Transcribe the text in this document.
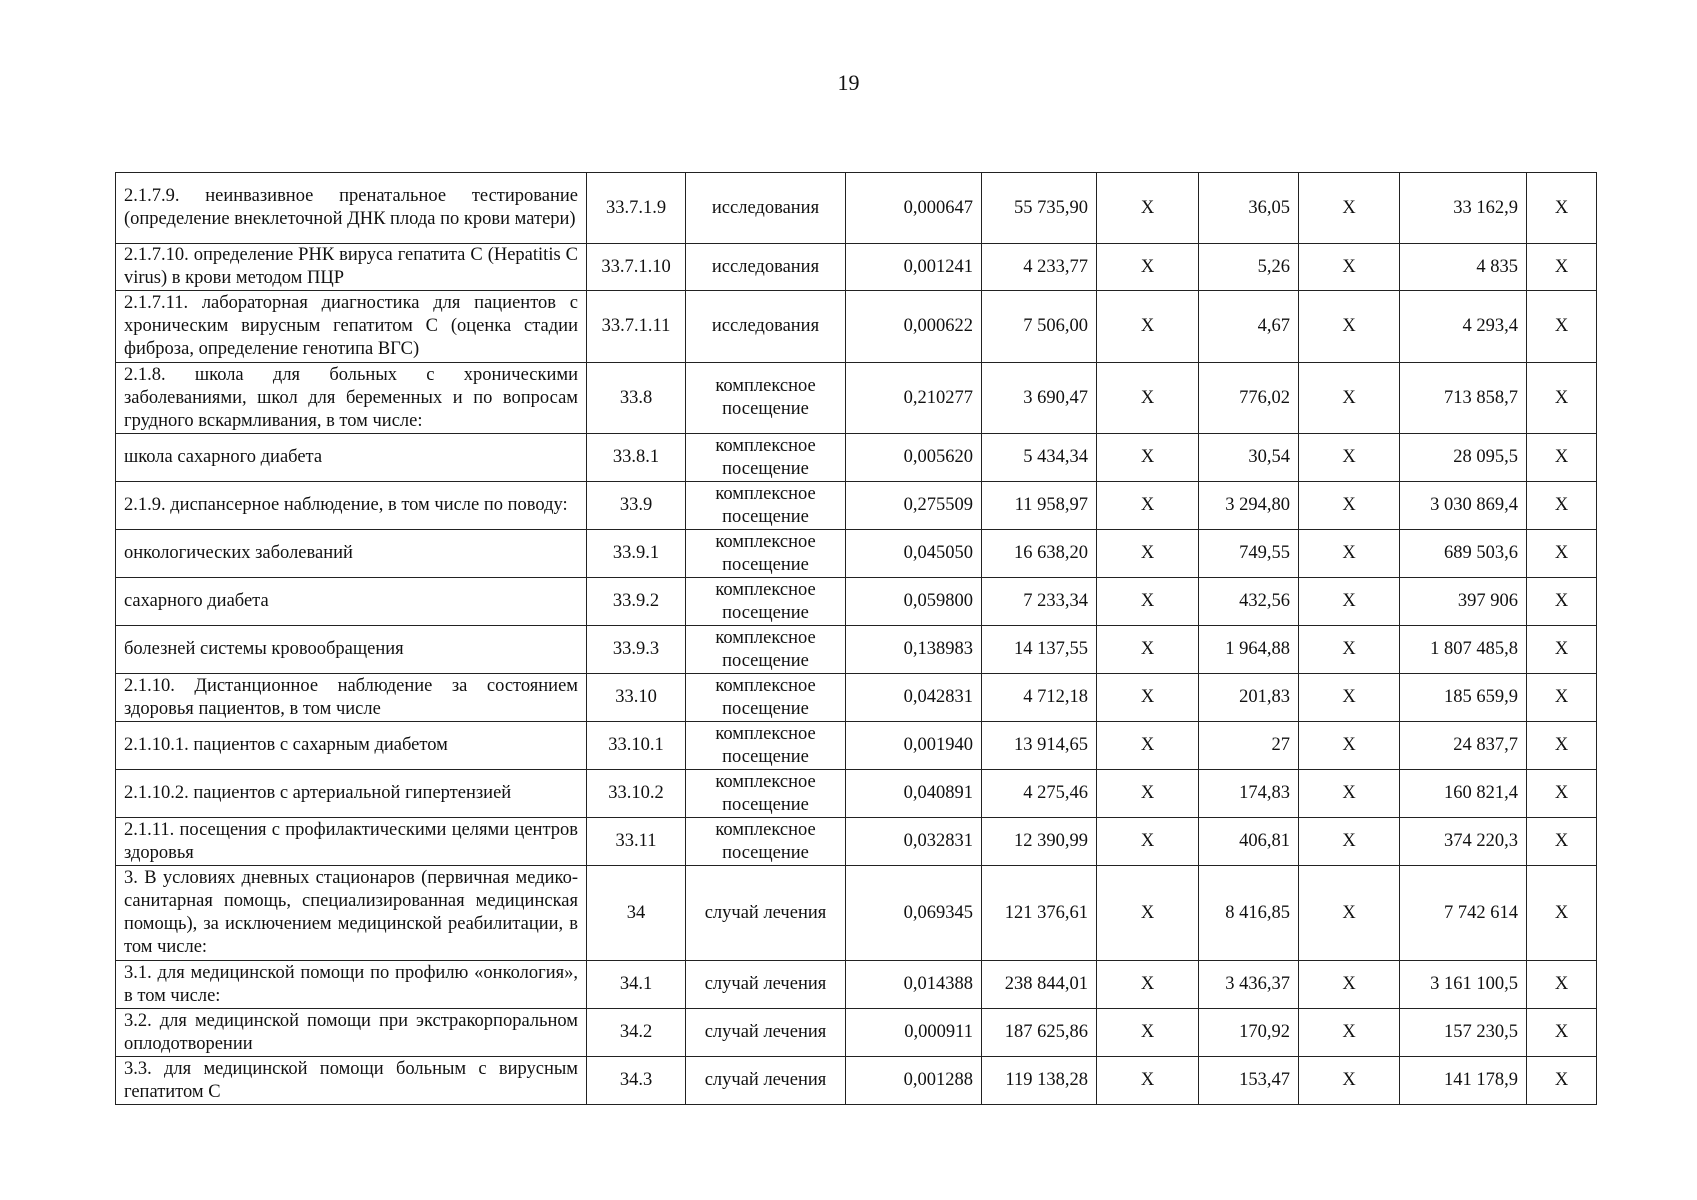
19
2.1.7.9. неинвазивное пренатальное тестирование (определение внеклеточной ДНК плода по крови матери)	33.7.1.9	исследования	0,000647	55 735,90	X	36,05	X	33 162,9	X
2.1.7.10. определение РНК вируса гепатита С (Hepatitis C virus) в крови методом ПЦР	33.7.1.10	исследования	0,001241	4 233,77	X	5,26	X	4 835	X
2.1.7.11. лабораторная диагностика для пациентов с хроническим вирусным гепатитом С (оценка стадии фиброза, определение генотипа ВГС)	33.7.1.11	исследования	0,000622	7 506,00	X	4,67	X	4 293,4	X
2.1.8. школа для больных с хроническими заболеваниями, школ для беременных и по вопросам грудного вскармливания, в том числе:	33.8	комплексное посещение	0,210277	3 690,47	X	776,02	X	713 858,7	X
школа сахарного диабета	33.8.1	комплексное посещение	0,005620	5 434,34	X	30,54	X	28 095,5	X
2.1.9. диспансерное наблюдение, в том числе по поводу:	33.9	комплексное посещение	0,275509	11 958,97	X	3 294,80	X	3 030 869,4	X
онкологических заболеваний	33.9.1	комплексное посещение	0,045050	16 638,20	X	749,55	X	689 503,6	X
сахарного диабета	33.9.2	комплексное посещение	0,059800	7 233,34	X	432,56	X	397 906	X
болезней системы кровообращения	33.9.3	комплексное посещение	0,138983	14 137,55	X	1 964,88	X	1 807 485,8	X
2.1.10. Дистанционное наблюдение за состоянием здоровья пациентов, в том числе	33.10	комплексное посещение	0,042831	4 712,18	X	201,83	X	185 659,9	X
2.1.10.1. пациентов с сахарным диабетом	33.10.1	комплексное посещение	0,001940	13 914,65	X	27	X	24 837,7	X
2.1.10.2. пациентов с артериальной гипертензией	33.10.2	комплексное посещение	0,040891	4 275,46	X	174,83	X	160 821,4	X
2.1.11. посещения с профилактическими целями центров здоровья	33.11	комплексное посещение	0,032831	12 390,99	X	406,81	X	374 220,3	X
3. В условиях дневных стационаров (первичная медико-санитарная помощь, специализированная медицинская помощь), за исключением медицинской реабилитации, в том числе:	34	случай лечения	0,069345	121 376,61	X	8 416,85	X	7 742 614	X
3.1. для медицинской помощи по профилю «онкология», в том числе:	34.1	случай лечения	0,014388	238 844,01	X	3 436,37	X	3 161 100,5	X
3.2. для медицинской помощи при экстракорпоральном оплодотворении	34.2	случай лечения	0,000911	187 625,86	X	170,92	X	157 230,5	X
3.3. для медицинской помощи больным с вирусным гепатитом С	34.3	случай лечения	0,001288	119 138,28	X	153,47	X	141 178,9	X
